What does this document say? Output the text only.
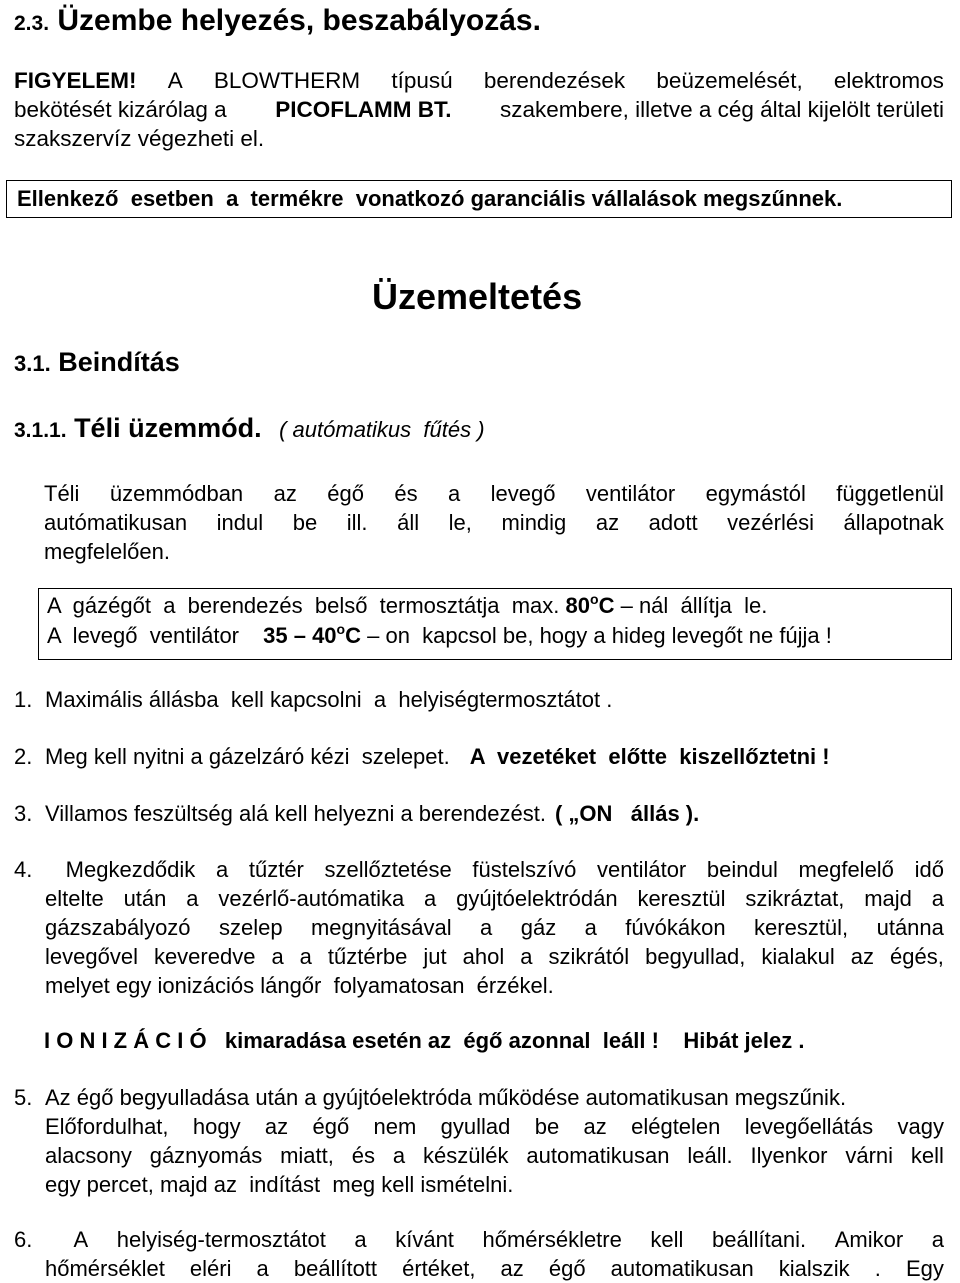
2.3. Üzembe helyezés, beszabályozás.
FIGYELEM! A BLOWTHERM típusú berendezések beüzemelését, elektromos
bekötését kizárólag a PICOFLAMM BT. szakembere, illetve a cég által kijelölt területi
szakszervíz végezheti el.
Ellenkező  esetben  a  termékre  vonatkozó garanciális vállalások megszűnnek.
Üzemeltetés
3.1. Beindítás
3.1.1. Téli üzemmód. ( autómatikus  fűtés )
Téli üzemmódban az égő és a levegő ventilátor egymástól függetlenül
autómatikusan indul be ill. áll le, mindig az adott vezérlési állapotnak
megfelelően.
A  gázégőt  a  berendezés  belső  termosztátja  max. 80$^o$C – nál  állítja  le.
A  levegő  ventilátor 35 – 40$^o$C – on  kapcsol be, hogy a hideg levegőt ne fújja !
1. Maximális állásba  kell kapcsolni  a  helyiségtermosztátot .
2. Meg kell nyitni a gázelzáró kézi  szelepet. A  vezetéket  előtte  kiszellőztetni !
3. Villamos feszültség alá kell helyezni a berendezést. ( „ON   állás ).
4.	Megkezdődik a tűztér szellőztetése füstelszívó ventilátor beindul megfelelő idő
eltelte után a vezérlő-autómatika a gyújtóelektródán keresztül szikráztat, majd a
gázszabályozó szelep megnyitásával a gáz a fúvókákon keresztül, utánna
levegővel keveredve a a tűztérbe jut ahol a szikrától begyullad, kialakul az égés,
melyet egy ionizációs lángőr  folyamatosan  érzékel.
I O N I Z Á C I Ó   kimaradása esetén az  égő azonnal  leáll !    Hibát jelez .
5. Az égő begyulladása után a gyújtóelektróda működése automatikusan megszűnik.
Előfordulhat, hogy az égő nem gyullad be az elégtelen levegőellátás vagy
alacsony gáznyomás miatt, és a készülék automatikusan leáll. Ilyenkor várni kell
egy percet, majd az  indítást  meg kell ismételni.
6.	A helyiség-termosztátot a kívánt hőmérsékletre kell beállítani. Amikor a
hőmérséklet eléri a beállított értéket, az égő automatikusan kialszik . Egy
